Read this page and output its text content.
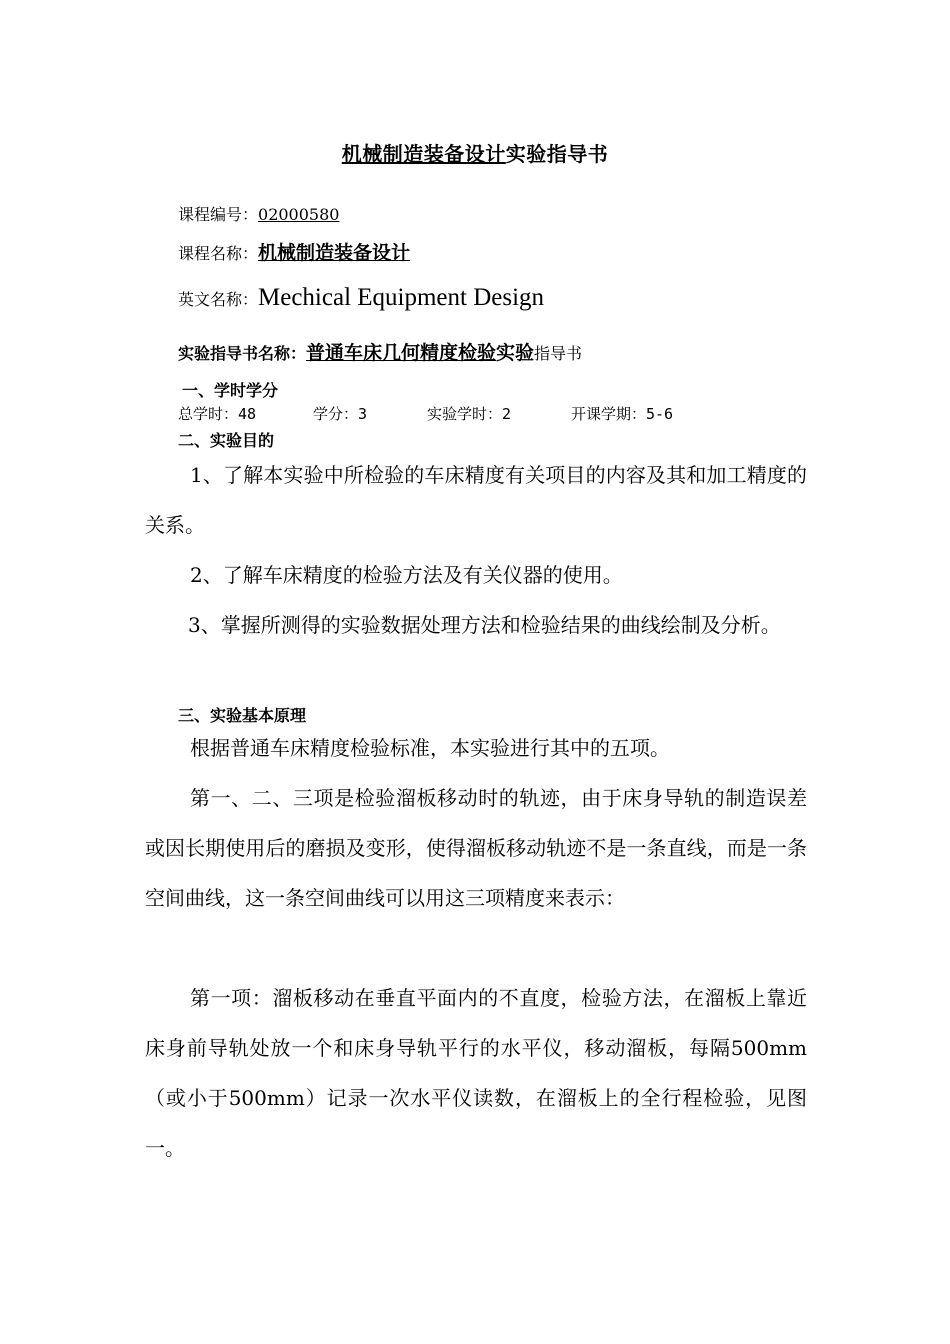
机械制造装备设计实验指导书
课程编号：02000580
课程名称：机械制造装备设计
英文名称：Mechical Equipment Design
实验指导书名称：普通车床几何精度检验实验指导书
一、学时学分
总学时：48	学分：3	实验学时：2	开课学期：5-6
二、实验目的
1、了解本实验中所检验的车床精度有关项目的内容及其和加工精度的关系。
2、了解车床精度的检验方法及有关仪器的使用。
3、掌握所测得的实验数据处理方法和检验结果的曲线绘制及分析。
三、实验基本原理
根据普通车床精度检验标准，本实验进行其中的五项。
第一、二、三项是检验溜板移动时的轨迹，由于床身导轨的制造误差或因长期使用后的磨损及变形，使得溜板移动轨迹不是一条直线，而是一条空间曲线，这一条空间曲线可以用这三项精度来表示：
第一项：溜板移动在垂直平面内的不直度，检验方法，在溜板上靠近床身前导轨处放一个和床身导轨平行的水平仪，移动溜板，每隔500mm（或小于500mm）记录一次水平仪读数，在溜板上的全行程检验，见图一。
